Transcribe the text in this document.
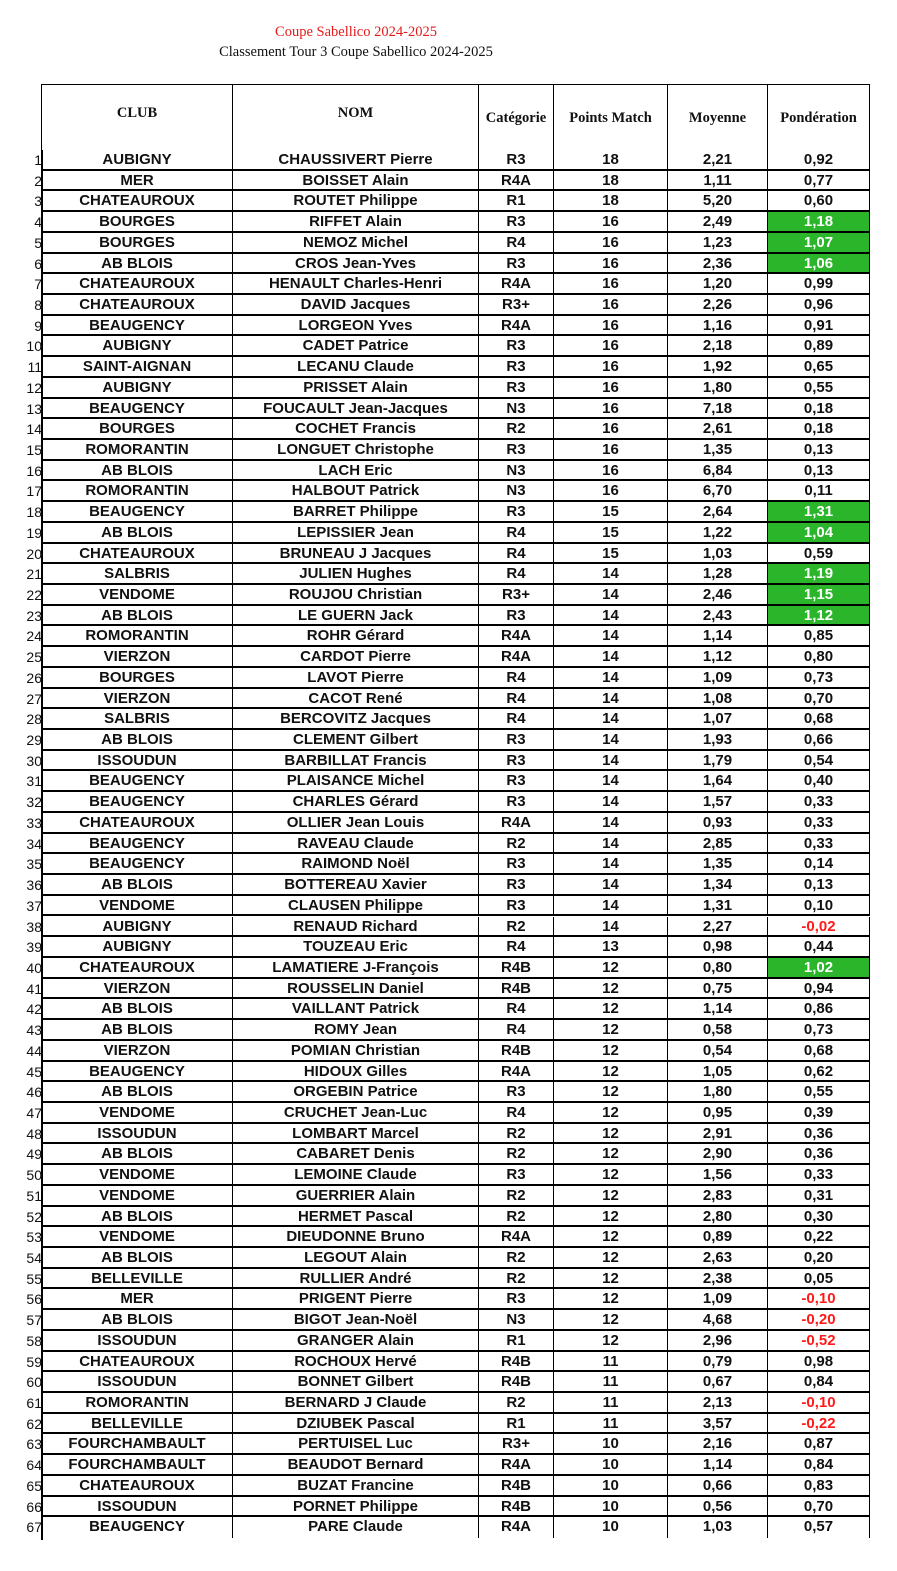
Coupe Sabellico 2024-2025
Classement Tour 3 Coupe Sabellico 2024-2025
CLUB	NOM	Catégorie	Points Match	Moyenne	Pondération
1	AUBIGNY	CHAUSSIVERT Pierre	R3	18	2,21	0,92
2	MER	BOISSET Alain	R4A	18	1,11	0,77
3	CHATEAUROUX	ROUTET Philippe	R1	18	5,20	0,60
4	BOURGES	RIFFET Alain	R3	16	2,49	1,18
5	BOURGES	NEMOZ Michel	R4	16	1,23	1,07
6	AB BLOIS	CROS Jean-Yves	R3	16	2,36	1,06
7	CHATEAUROUX	HENAULT Charles-Henri	R4A	16	1,20	0,99
8	CHATEAUROUX	DAVID Jacques	R3+	16	2,26	0,96
9	BEAUGENCY	LORGEON Yves	R4A	16	1,16	0,91
10	AUBIGNY	CADET Patrice	R3	16	2,18	0,89
11	SAINT-AIGNAN	LECANU Claude	R3	16	1,92	0,65
12	AUBIGNY	PRISSET Alain	R3	16	1,80	0,55
13	BEAUGENCY	FOUCAULT Jean-Jacques	N3	16	7,18	0,18
14	BOURGES	COCHET Francis	R2	16	2,61	0,18
15	ROMORANTIN	LONGUET Christophe	R3	16	1,35	0,13
16	AB BLOIS	LACH Eric	N3	16	6,84	0,13
17	ROMORANTIN	HALBOUT Patrick	N3	16	6,70	0,11
18	BEAUGENCY	BARRET Philippe	R3	15	2,64	1,31
19	AB BLOIS	LEPISSIER Jean	R4	15	1,22	1,04
20	CHATEAUROUX	BRUNEAU J Jacques	R4	15	1,03	0,59
21	SALBRIS	JULIEN Hughes	R4	14	1,28	1,19
22	VENDOME	ROUJOU Christian	R3+	14	2,46	1,15
23	AB BLOIS	LE GUERN Jack	R3	14	2,43	1,12
24	ROMORANTIN	ROHR Gérard	R4A	14	1,14	0,85
25	VIERZON	CARDOT Pierre	R4A	14	1,12	0,80
26	BOURGES	LAVOT Pierre	R4	14	1,09	0,73
27	VIERZON	CACOT René	R4	14	1,08	0,70
28	SALBRIS	BERCOVITZ Jacques	R4	14	1,07	0,68
29	AB BLOIS	CLEMENT Gilbert	R3	14	1,93	0,66
30	ISSOUDUN	BARBILLAT Francis	R3	14	1,79	0,54
31	BEAUGENCY	PLAISANCE Michel	R3	14	1,64	0,40
32	BEAUGENCY	CHARLES Gérard	R3	14	1,57	0,33
33	CHATEAUROUX	OLLIER Jean Louis	R4A	14	0,93	0,33
34	BEAUGENCY	RAVEAU Claude	R2	14	2,85	0,33
35	BEAUGENCY	RAIMOND Noël	R3	14	1,35	0,14
36	AB BLOIS	BOTTEREAU Xavier	R3	14	1,34	0,13
37	VENDOME	CLAUSEN Philippe	R3	14	1,31	0,10
38	AUBIGNY	RENAUD Richard	R2	14	2,27	-0,02
39	AUBIGNY	TOUZEAU Eric	R4	13	0,98	0,44
40	CHATEAUROUX	LAMATIERE J-François	R4B	12	0,80	1,02
41	VIERZON	ROUSSELIN Daniel	R4B	12	0,75	0,94
42	AB BLOIS	VAILLANT Patrick	R4	12	1,14	0,86
43	AB BLOIS	ROMY Jean	R4	12	0,58	0,73
44	VIERZON	POMIAN Christian	R4B	12	0,54	0,68
45	BEAUGENCY	HIDOUX Gilles	R4A	12	1,05	0,62
46	AB BLOIS	ORGEBIN Patrice	R3	12	1,80	0,55
47	VENDOME	CRUCHET Jean-Luc	R4	12	0,95	0,39
48	ISSOUDUN	LOMBART Marcel	R2	12	2,91	0,36
49	AB BLOIS	CABARET Denis	R2	12	2,90	0,36
50	VENDOME	LEMOINE Claude	R3	12	1,56	0,33
51	VENDOME	GUERRIER Alain	R2	12	2,83	0,31
52	AB BLOIS	HERMET Pascal	R2	12	2,80	0,30
53	VENDOME	DIEUDONNE Bruno	R4A	12	0,89	0,22
54	AB BLOIS	LEGOUT Alain	R2	12	2,63	0,20
55	BELLEVILLE	RULLIER André	R2	12	2,38	0,05
56	MER	PRIGENT Pierre	R3	12	1,09	-0,10
57	AB BLOIS	BIGOT Jean-Noël	N3	12	4,68	-0,20
58	ISSOUDUN	GRANGER Alain	R1	12	2,96	-0,52
59	CHATEAUROUX	ROCHOUX Hervé	R4B	11	0,79	0,98
60	ISSOUDUN	BONNET Gilbert	R4B	11	0,67	0,84
61	ROMORANTIN	BERNARD J Claude	R2	11	2,13	-0,10
62	BELLEVILLE	DZIUBEK Pascal	R1	11	3,57	-0,22
63	FOURCHAMBAULT	PERTUISEL Luc	R3+	10	2,16	0,87
64	FOURCHAMBAULT	BEAUDOT Bernard	R4A	10	1,14	0,84
65	CHATEAUROUX	BUZAT Francine	R4B	10	0,66	0,83
66	ISSOUDUN	PORNET Philippe	R4B	10	0,56	0,70
67	BEAUGENCY	PARE Claude	R4A	10	1,03	0,57
